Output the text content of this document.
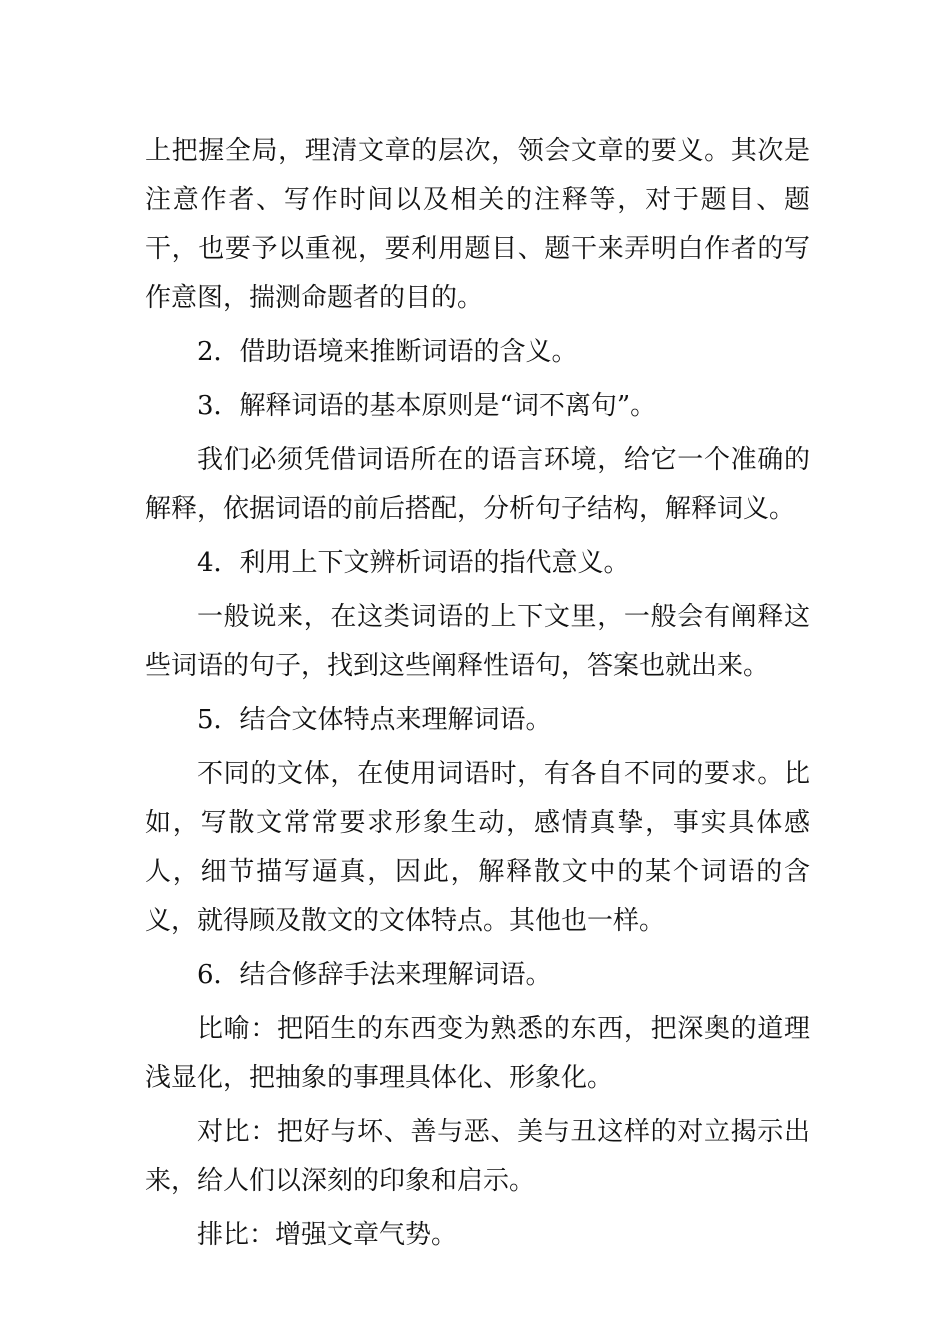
上把握全局，理清文章的层次，领会文章的要义。其次是注意作者、写作时间以及相关的注释等，对于题目、题干，也要予以重视，要利用题目、题干来弄明白作者的写作意图，揣测命题者的目的。

2．借助语境来推断词语的含义。

3．解释词语的基本原则是“词不离句”。

我们必须凭借词语所在的语言环境，给它一个准确的解释，依据词语的前后搭配，分析句子结构，解释词义。

4．利用上下文辨析词语的指代意义。

一般说来，在这类词语的上下文里，一般会有阐释这些词语的句子，找到这些阐释性语句，答案也就出来。

5．结合文体特点来理解词语。

不同的文体，在使用词语时，有各自不同的要求。比如，写散文常常要求形象生动，感情真挚，事实具体感人，细节描写逼真，因此，解释散文中的某个词语的含义，就得顾及散文的文体特点。其他也一样。

6．结合修辞手法来理解词语。

比喻：把陌生的东西变为熟悉的东西，把深奥的道理浅显化，把抽象的事理具体化、形象化。

对比：把好与坏、善与恶、美与丑这样的对立揭示出来，给人们以深刻的印象和启示。

排比：增强文章气势。
